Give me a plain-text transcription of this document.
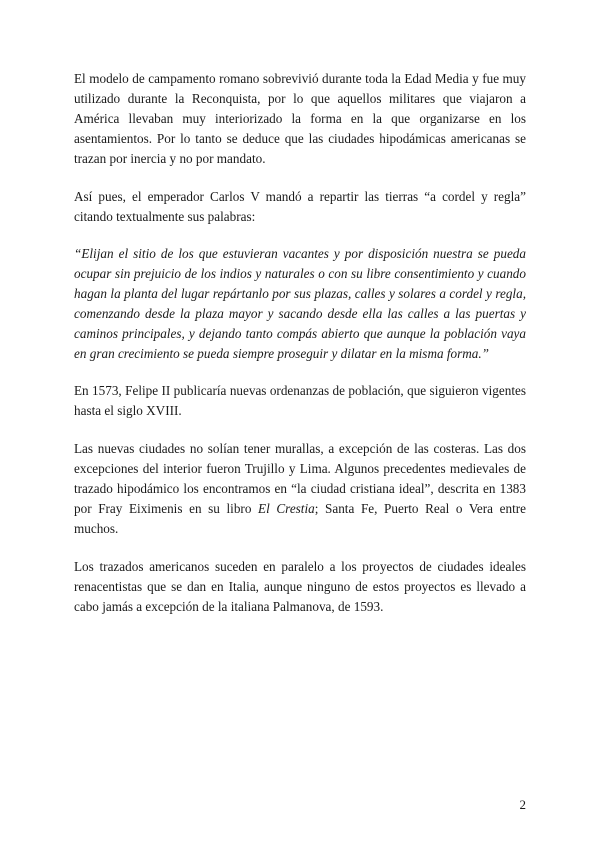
El modelo de campamento romano sobrevivió durante toda la Edad Media y fue muy utilizado durante la Reconquista, por lo que aquellos militares que viajaron a América llevaban muy interiorizado la forma en la que organizarse en los asentamientos. Por lo tanto se deduce que las ciudades hipodámicas americanas se trazan por inercia y no por mandato.

Así pues, el emperador Carlos V mandó a repartir las tierras “a cordel y regla” citando textualmente sus palabras:

“Elijan el sitio de los que estuvieran vacantes y por disposición nuestra se pueda ocupar sin prejuicio de los indios y naturales o con su libre consentimiento y cuando hagan la planta del lugar repártanlo por sus plazas, calles y solares a cordel y regla, comenzando desde la plaza mayor y sacando desde ella las calles a las puertas y caminos principales, y dejando tanto compás abierto que aunque la población vaya en gran crecimiento se pueda siempre proseguir y dilatar en la misma forma.”

En 1573, Felipe II publicaría nuevas ordenanzas de población, que siguieron vigentes hasta el siglo XVIII.

Las nuevas ciudades no solían tener murallas, a excepción de las costeras. Las dos excepciones del interior fueron Trujillo y Lima. Algunos precedentes medievales de trazado hipodámico los encontramos en “la ciudad cristiana ideal”, descrita en 1383 por Fray Eiximenis en su libro El Crestia; Santa Fe, Puerto Real o Vera entre muchos.

Los trazados americanos suceden en paralelo a los proyectos de ciudades ideales renacentistas que se dan en Italia, aunque ninguno de estos proyectos es llevado a cabo jamás a excepción de la italiana Palmanova, de 1593.

2
